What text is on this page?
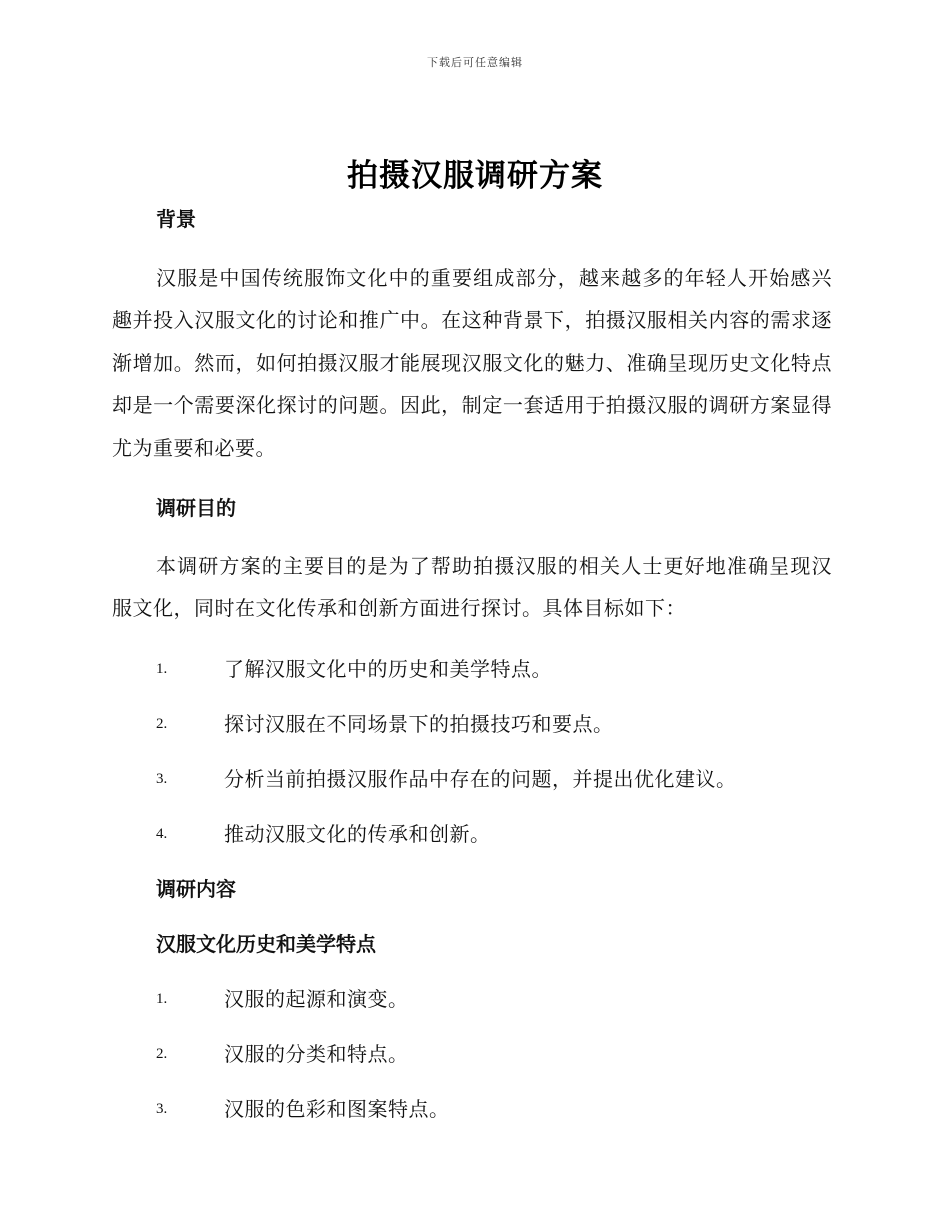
下载后可任意编辑
拍摄汉服调研方案
背景

汉服是中国传统服饰文化中的重要组成部分，越来越多的年轻人开始感兴趣并投入汉服文化的讨论和推广中。在这种背景下，拍摄汉服相关内容的需求逐渐增加。然而，如何拍摄汉服才能展现汉服文化的魅力、准确呈现历史文化特点却是一个需要深化探讨的问题。因此，制定一套适用于拍摄汉服的调研方案显得尤为重要和必要。

调研目的

本调研方案的主要目的是为了帮助拍摄汉服的相关人士更好地准确呈现汉服文化，同时在文化传承和创新方面进行探讨。具体目标如下：

1.	了解汉服文化中的历史和美学特点。
2.	探讨汉服在不同场景下的拍摄技巧和要点。
3.	分析当前拍摄汉服作品中存在的问题，并提出优化建议。
4.	推动汉服文化的传承和创新。
调研内容
汉服文化历史和美学特点
1.	汉服的起源和演变。
2.	汉服的分类和特点。
3.	汉服的色彩和图案特点。
